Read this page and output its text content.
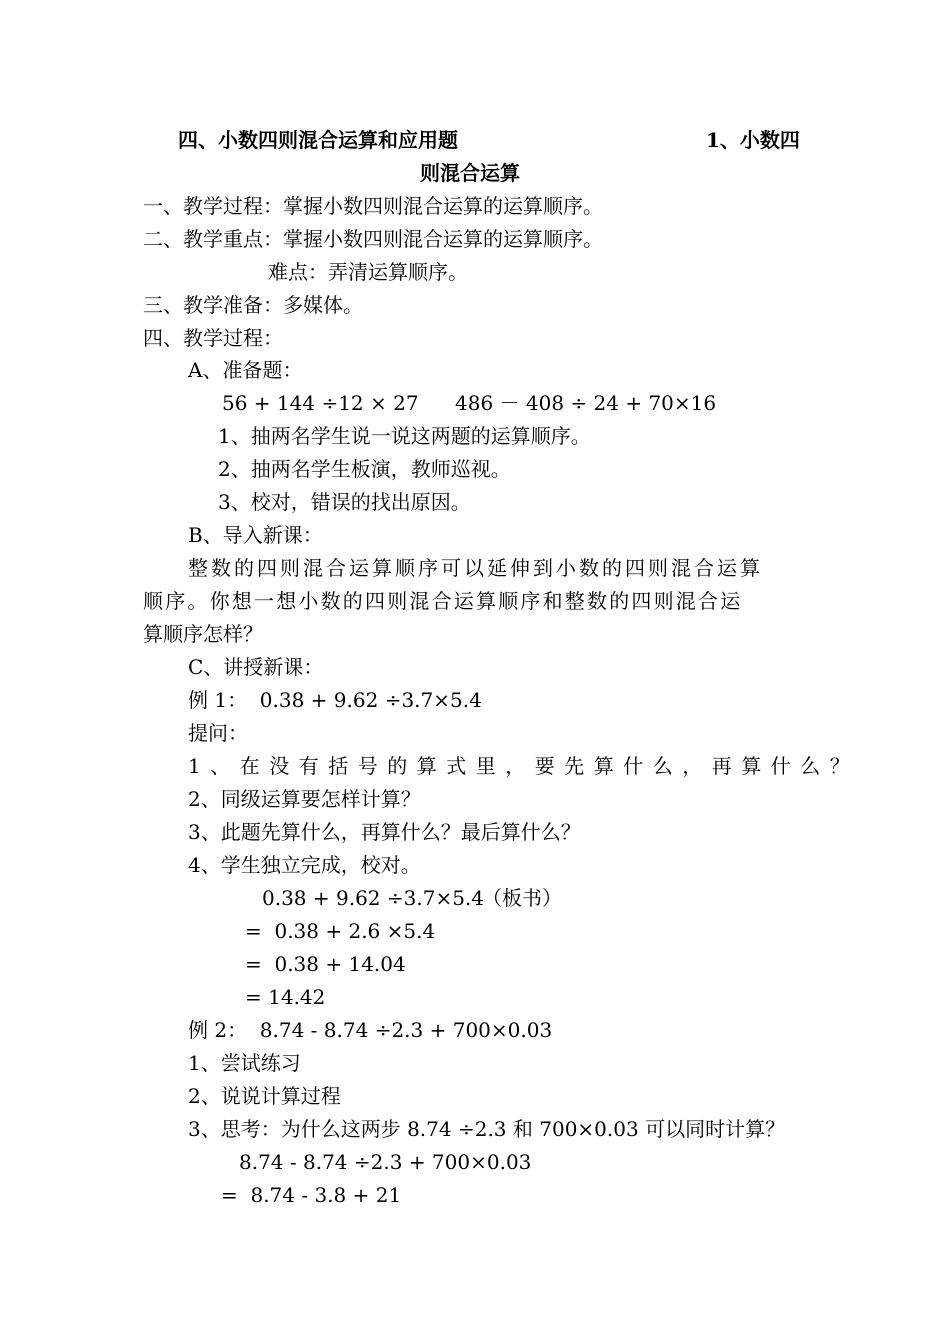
四、小数四则混合运算和应用题	1、小数四
则混合运算
一、教学过程：掌握小数四则混合运算的运算顺序。
二、教学重点：掌握小数四则混合运算的运算顺序。
难点：弄清运算顺序。
三、教学准备：多媒体。
四、教学过程：
A、准备题：
56 + 144 ÷12 × 27 486 － 408 ÷ 24 + 70×16
1、抽两名学生说一说这两题的运算顺序。
2、抽两名学生板演，教师巡视。
3、校对，错误的找出原因。
B、导入新课：
整数的四则混合运算顺序可以延伸到小数的四则混合运算
顺序。你想一想小数的四则混合运算顺序和整数的四则混合运
算顺序怎样？
C、讲授新课：
例 1：  0.38 + 9.62 ÷3.7×5.4
提问：
1、在没有括号的算式里，要先算什么，再算什么？
2、同级运算要怎样计算？
3、此题先算什么，再算什么？最后算什么？
4、学生独立完成，校对。
0.38 + 9.62 ÷3.7×5.4
（板书）
=  0.38 + 2.6 ×5.4
=  0.38 + 14.04
= 14.42
例 2：  8.74 - 8.74 ÷2.3 + 700×0.03
1、尝试练习
2、说说计算过程
3、思考：为什么这两步 8.74 ÷2.3 和 700×0.03 可以同时计算？
8.74 - 8.74 ÷2.3 + 700×0.03
=  8.74 - 3.8 + 21
